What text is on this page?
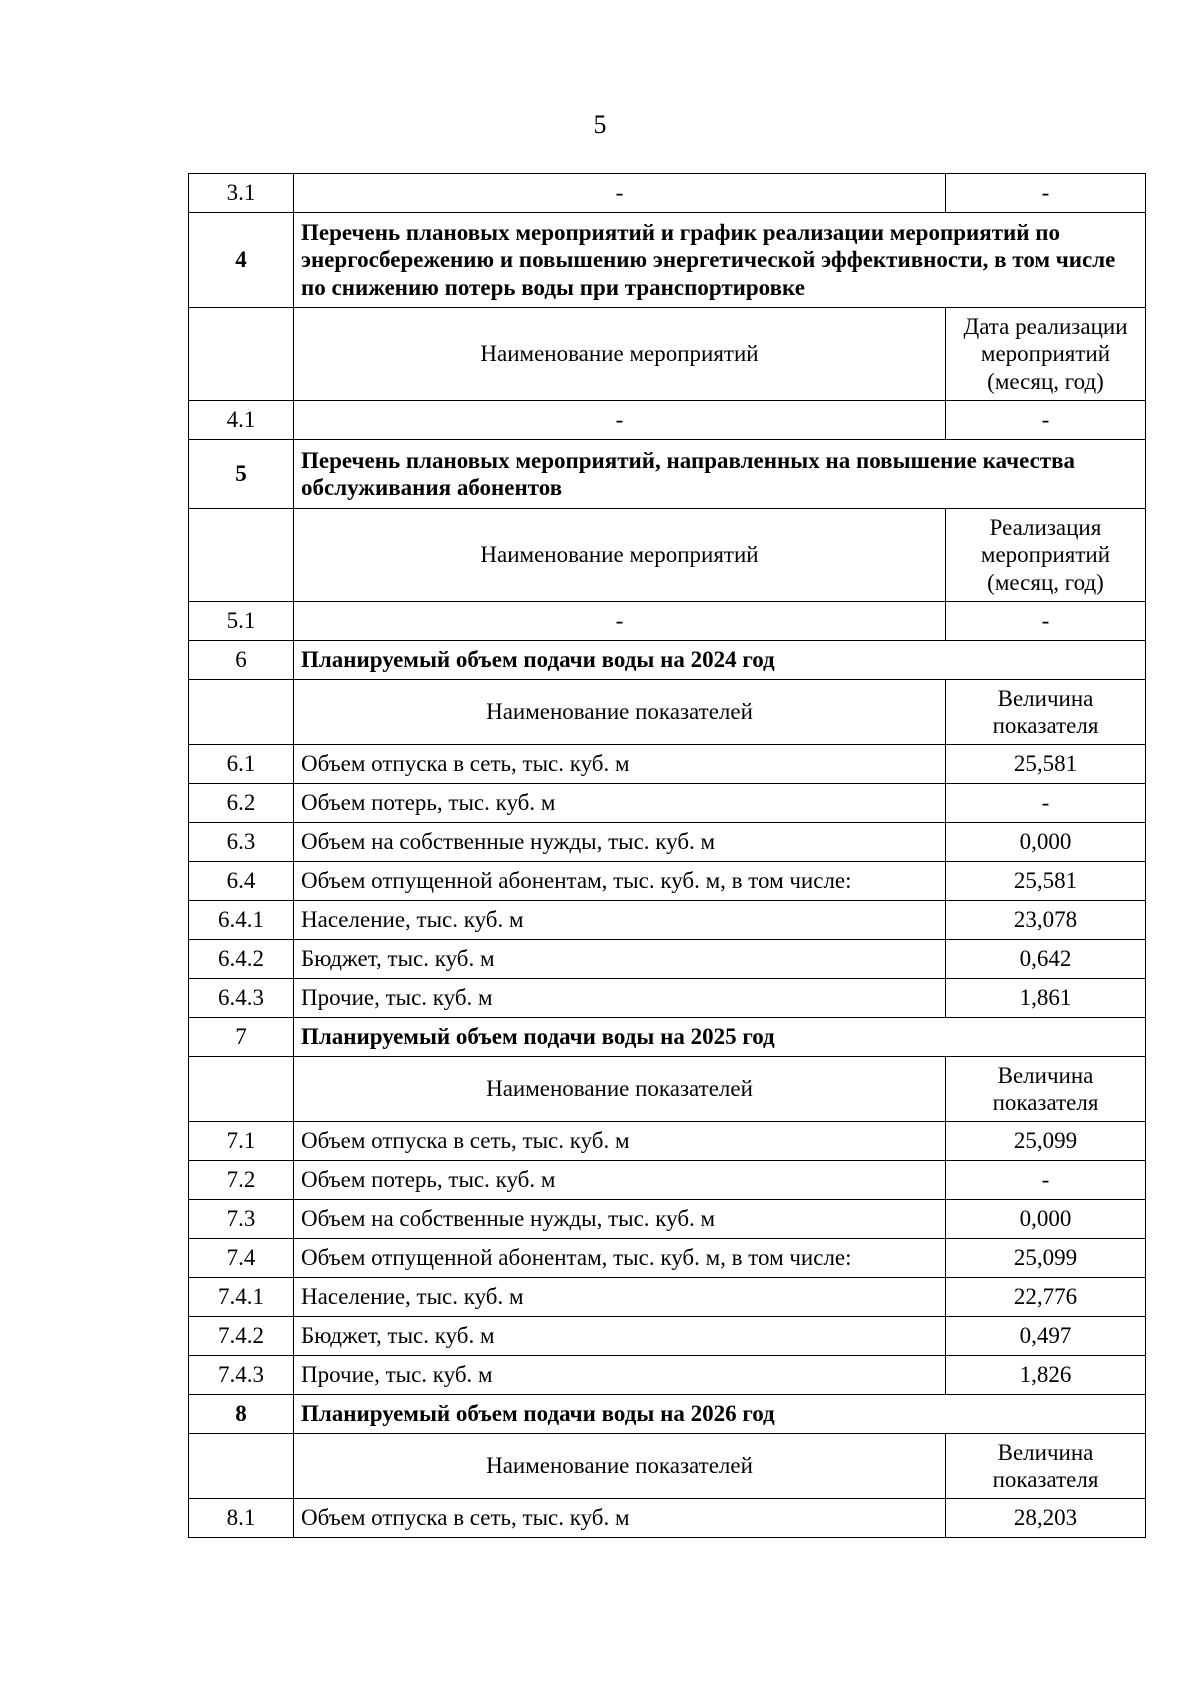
5
3.1	-	-
4	Перечень плановых мероприятий и график реализации мероприятий по энергосбережению и повышению энергетической эффективности, в том числе по снижению потерь воды при транспортировке	
	Наименование мероприятий	Дата реализации мероприятий (месяц, год)
4.1	-	-
5	Перечень плановых мероприятий, направленных на повышение качества обслуживания абонентов	
	Наименование мероприятий	Реализация мероприятий (месяц, год)
5.1	-	-
6	Планируемый объем подачи воды на 2024 год	
	Наименование показателей	Величина показателя
6.1	Объем отпуска в сеть, тыс. куб. м	25,581
6.2	Объем потерь, тыс. куб. м	-
6.3	Объем на собственные нужды, тыс. куб. м	0,000
6.4	Объем отпущенной абонентам, тыс. куб. м, в том числе:	25,581
6.4.1	Население, тыс. куб. м	23,078
6.4.2	Бюджет, тыс. куб. м	0,642
6.4.3	Прочие, тыс. куб. м	1,861
7	Планируемый объем подачи воды на 2025 год	
	Наименование показателей	Величина показателя
7.1	Объем отпуска в сеть, тыс. куб. м	25,099
7.2	Объем потерь, тыс. куб. м	-
7.3	Объем на собственные нужды, тыс. куб. м	0,000
7.4	Объем отпущенной абонентам, тыс. куб. м, в том числе:	25,099
7.4.1	Население, тыс. куб. м	22,776
7.4.2	Бюджет, тыс. куб. м	0,497
7.4.3	Прочие, тыс. куб. м	1,826
8	Планируемый объем подачи воды на 2026 год	
	Наименование показателей	Величина показателя
8.1	Объем отпуска в сеть, тыс. куб. м	28,203
